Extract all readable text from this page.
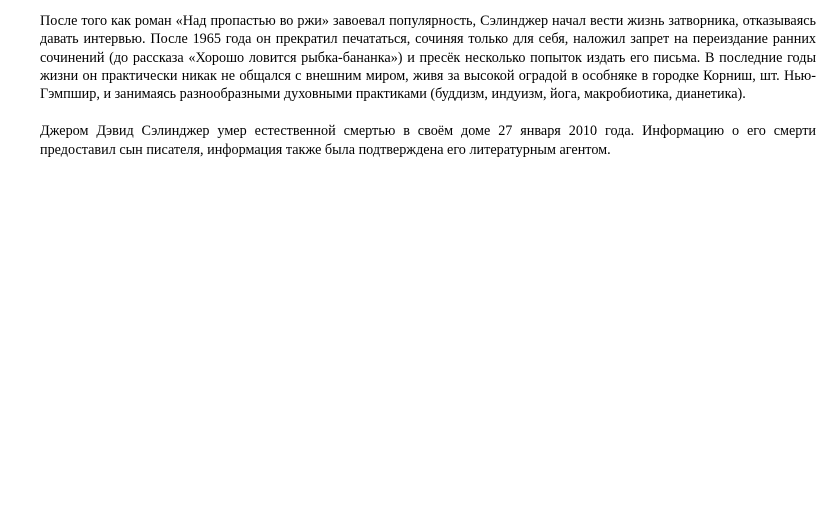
После того как роман «Над пропастью во ржи» завоевал популярность, Сэлинджер начал вести жизнь затворника, отказываясь давать интервью. После 1965 года он прекратил печататься, сочиняя только для себя, наложил запрет на переиздание ранних сочинений (до рассказа «Хорошо ловится рыбка-бананка») и пресёк несколько попыток издать его письма. В последние годы жизни он практически никак не общался с внешним миром, живя за высокой оградой в особняке в городке Корниш, шт. Нью-Гэмпшир, и занимаясь разнообразными духовными практиками (буддизм, индуизм, йога, макробиотика, дианетика).

Джером Дэвид Сэлинджер умер естественной смертью в своём доме 27 января 2010 года. Информацию о его смерти предоставил сын писателя, информация также была подтверждена его литературным агентом.
